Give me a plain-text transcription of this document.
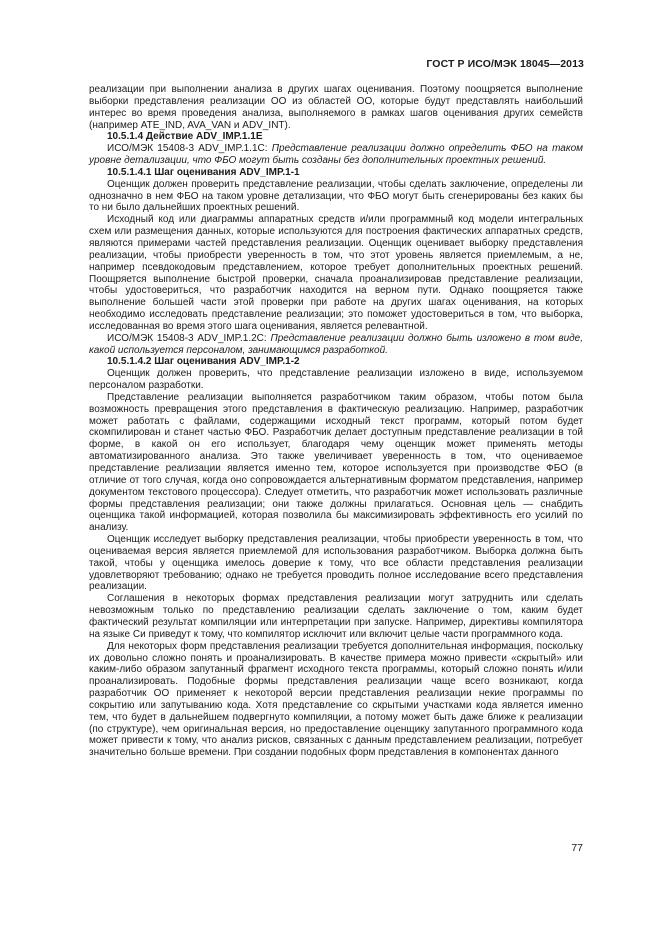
ГОСТ Р ИСО/МЭК 18045—2013

реализации при выполнении анализа в других шагах оценивания. Поэтому поощряется выполнение выборки представления реализации ОО из областей ОО, которые будут представлять наибольший интерес во время проведения анализа, выполняемого в рамках шагов оценивания других семейств (например ATE_IND, AVA_VAN и ADV_INT).

10.5.1.4 Действие ADV_IMP.1.1E

ИСО/МЭК 15408-3 ADV_IMP.1.1C: Представление реализации должно определить ФБО на таком уровне детализации, что ФБО могут быть созданы без дополнительных проектных решений.

10.5.1.4.1 Шаг оценивания ADV_IMP.1-1

Оценщик должен проверить представление реализации, чтобы сделать заключение, определены ли однозначно в нем ФБО на таком уровне детализации, что ФБО могут быть сгенерированы без каких бы то ни было дальнейших проектных решений.

Исходный код или диаграммы аппаратных средств и/или программный код модели интегральных схем или размещения данных, которые используются для построения фактических аппаратных средств, являются примерами частей представления реализации. Оценщик оценивает выборку представления реализации, чтобы приобрести уверенность в том, что этот уровень является приемлемым, а не, например псевдокодовым представлением, которое требует дополнительных проектных решений. Поощряется выполнение быстрой проверки, сначала проанализировав представление реализации, чтобы удостовериться, что разработчик находится на верном пути. Однако поощряется также выполнение большей части этой проверки при работе на других шагах оценивания, на которых необходимо исследовать представление реализации; это поможет удостовериться в том, что выборка, исследованная во время этого шага оценивания, является релевантной.

ИСО/МЭК 15408-3 ADV_IMP.1.2C: Представление реализации должно быть изложено в том виде, какой используется персоналом, занимающимся разработкой.

10.5.1.4.2 Шаг оценивания ADV_IMP.1-2

Оценщик должен проверить, что представление реализации изложено в виде, используемом персоналом разработки.

Представление реализации выполняется разработчиком таким образом, чтобы потом была возможность превращения этого представления в фактическую реализацию. Например, разработчик может работать с файлами, содержащими исходный текст программ, который потом будет скомпилирован и станет частью ФБО. Разработчик делает доступным представление реализации в той форме, в какой он его использует, благодаря чему оценщик может применять методы автоматизированного анализа. Это также увеличивает уверенность в том, что оцениваемое представление реализации является именно тем, которое используется при производстве ФБО (в отличие от того случая, когда оно сопровождается альтернативным форматом представления, например документом текстового процессора). Следует отметить, что разработчик может использовать различные формы представления реализации; они также должны прилагаться. Основная цель — снабдить оценщика такой информацией, которая позволила бы максимизировать эффективность его усилий по анализу.

Оценщик исследует выборку представления реализации, чтобы приобрести уверенность в том, что оцениваемая версия является приемлемой для использования разработчиком. Выборка должна быть такой, чтобы у оценщика имелось доверие к тому, что все области представления реализации удовлетворяют требованию; однако не требуется проводить полное исследование всего представления реализации.

Соглашения в некоторых формах представления реализации могут затруднить или сделать невозможным только по представлению реализации сделать заключение о том, каким будет фактический результат компиляции или интерпретации при запуске. Например, директивы компилятора на языке Си приведут к тому, что компилятор исключит или включит целые части программного кода.

Для некоторых форм представления реализации требуется дополнительная информация, поскольку их довольно сложно понять и проанализировать. В качестве примера можно привести «скрытый» или каким-либо образом запутанный фрагмент исходного текста программы, который сложно понять и/или проанализировать. Подобные формы представления реализации чаще всего возникают, когда разработчик ОО применяет к некоторой версии представления реализации некие программы по сокрытию или запутыванию кода. Хотя представление со скрытыми участками кода является именно тем, что будет в дальнейшем подвергнуто компиляции, а потому может быть даже ближе к реализации (по структуре), чем оригинальная версия, но предоставление оценщику запутанного программного кода может привести к тому, что анализ рисков, связанных с данным представлением реализации, потребует значительно больше времени. При создании подобных форм представления в компонентах данного

77
